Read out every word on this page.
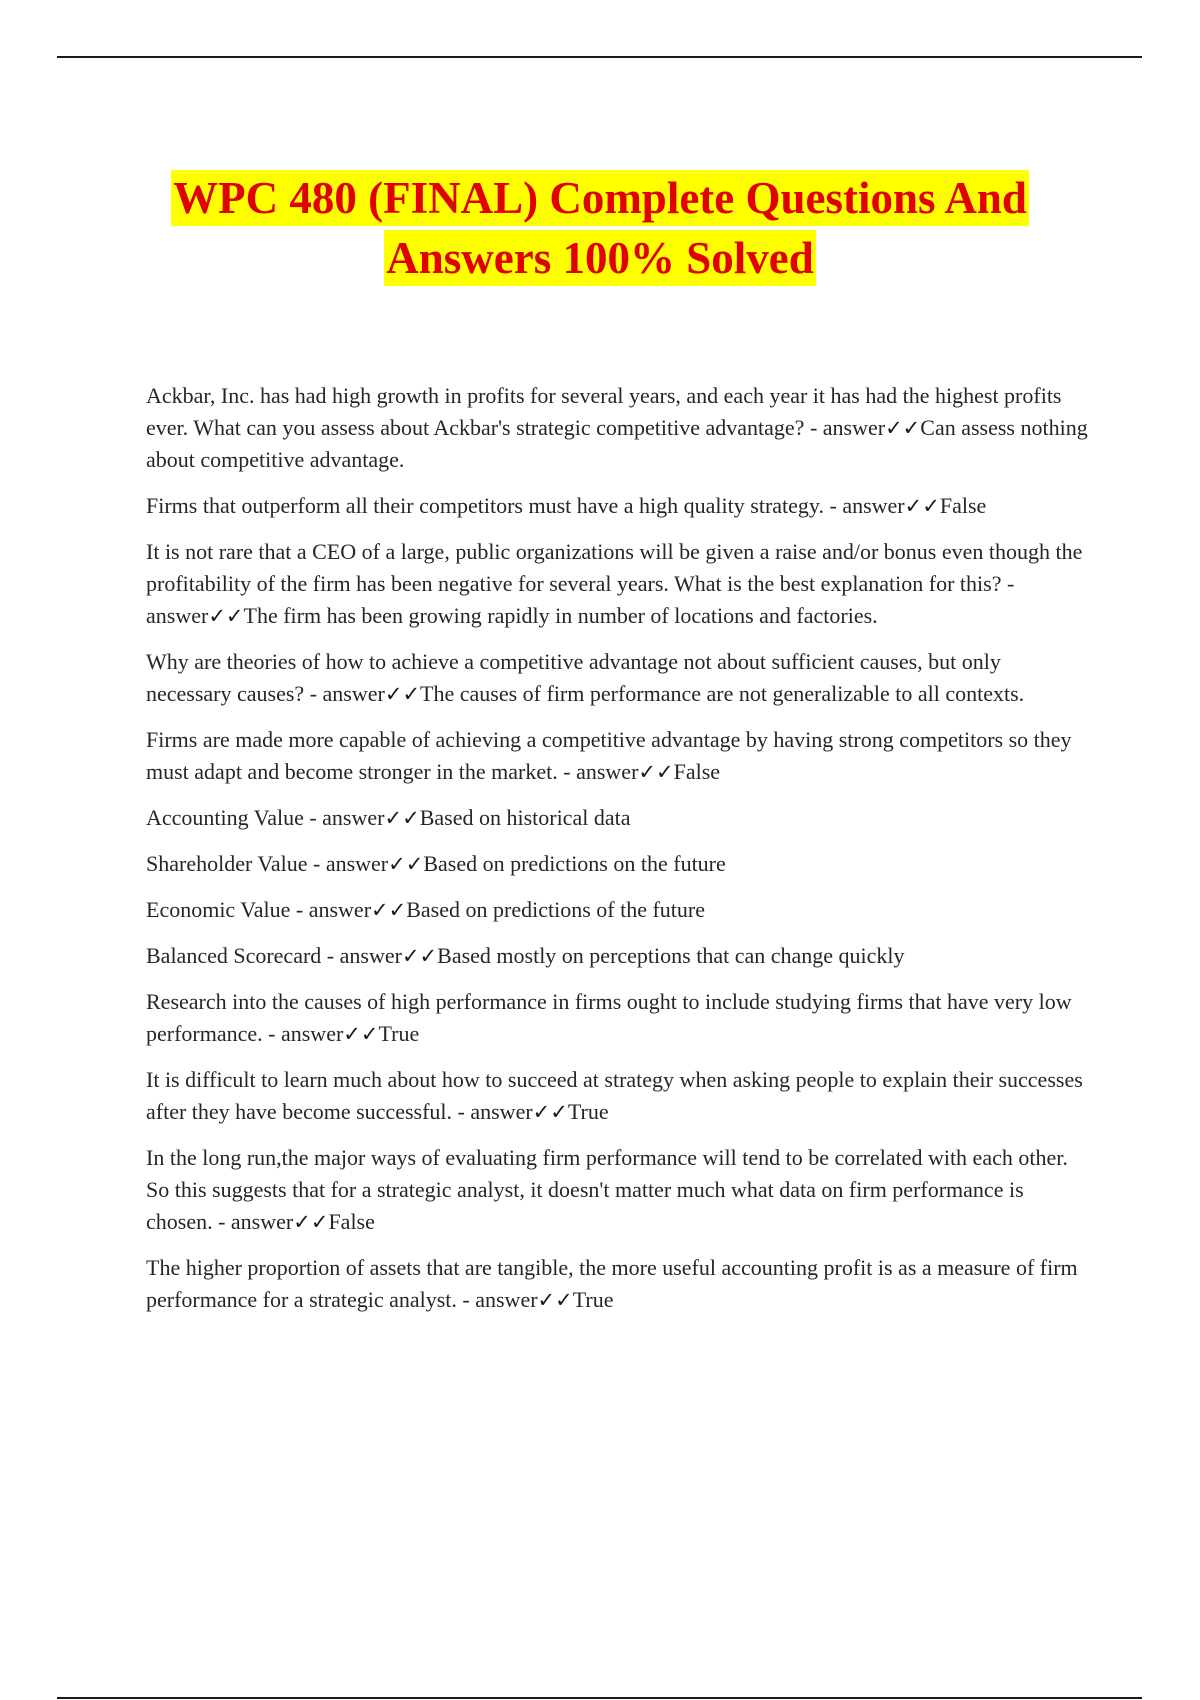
WPC 480 (FINAL) Complete Questions And
Answers 100% Solved

Ackbar, Inc. has had high growth in profits for several years, and each year it has had the highest profits ever. What can you assess about Ackbar's strategic competitive advantage? - answer✓✓Can assess nothing about competitive advantage.

Firms that outperform all their competitors must have a high quality strategy. - answer✓✓False

It is not rare that a CEO of a large, public organizations will be given a raise and/or bonus even though the profitability of the firm has been negative for several years. What is the best explanation for this? - answer✓✓The firm has been growing rapidly in number of locations and factories.

Why are theories of how to achieve a competitive advantage not about sufficient causes, but only necessary causes? - answer✓✓The causes of firm performance are not generalizable to all contexts.

Firms are made more capable of achieving a competitive advantage by having strong competitors so they must adapt and become stronger in the market. - answer✓✓False

Accounting Value - answer✓✓Based on historical data

Shareholder Value - answer✓✓Based on predictions on the future

Economic Value - answer✓✓Based on predictions of the future

Balanced Scorecard - answer✓✓Based mostly on perceptions that can change quickly

Research into the causes of high performance in firms ought to include studying firms that have very low performance. - answer✓✓True

It is difficult to learn much about how to succeed at strategy when asking people to explain their successes after they have become successful. - answer✓✓True

In the long run,the major ways of evaluating firm performance will tend to be correlated with each other. So this suggests that for a strategic analyst, it doesn't matter much what data on firm performance is chosen. - answer✓✓False

The higher proportion of assets that are tangible, the more useful accounting profit is as a measure of firm performance for a strategic analyst. - answer✓✓True
